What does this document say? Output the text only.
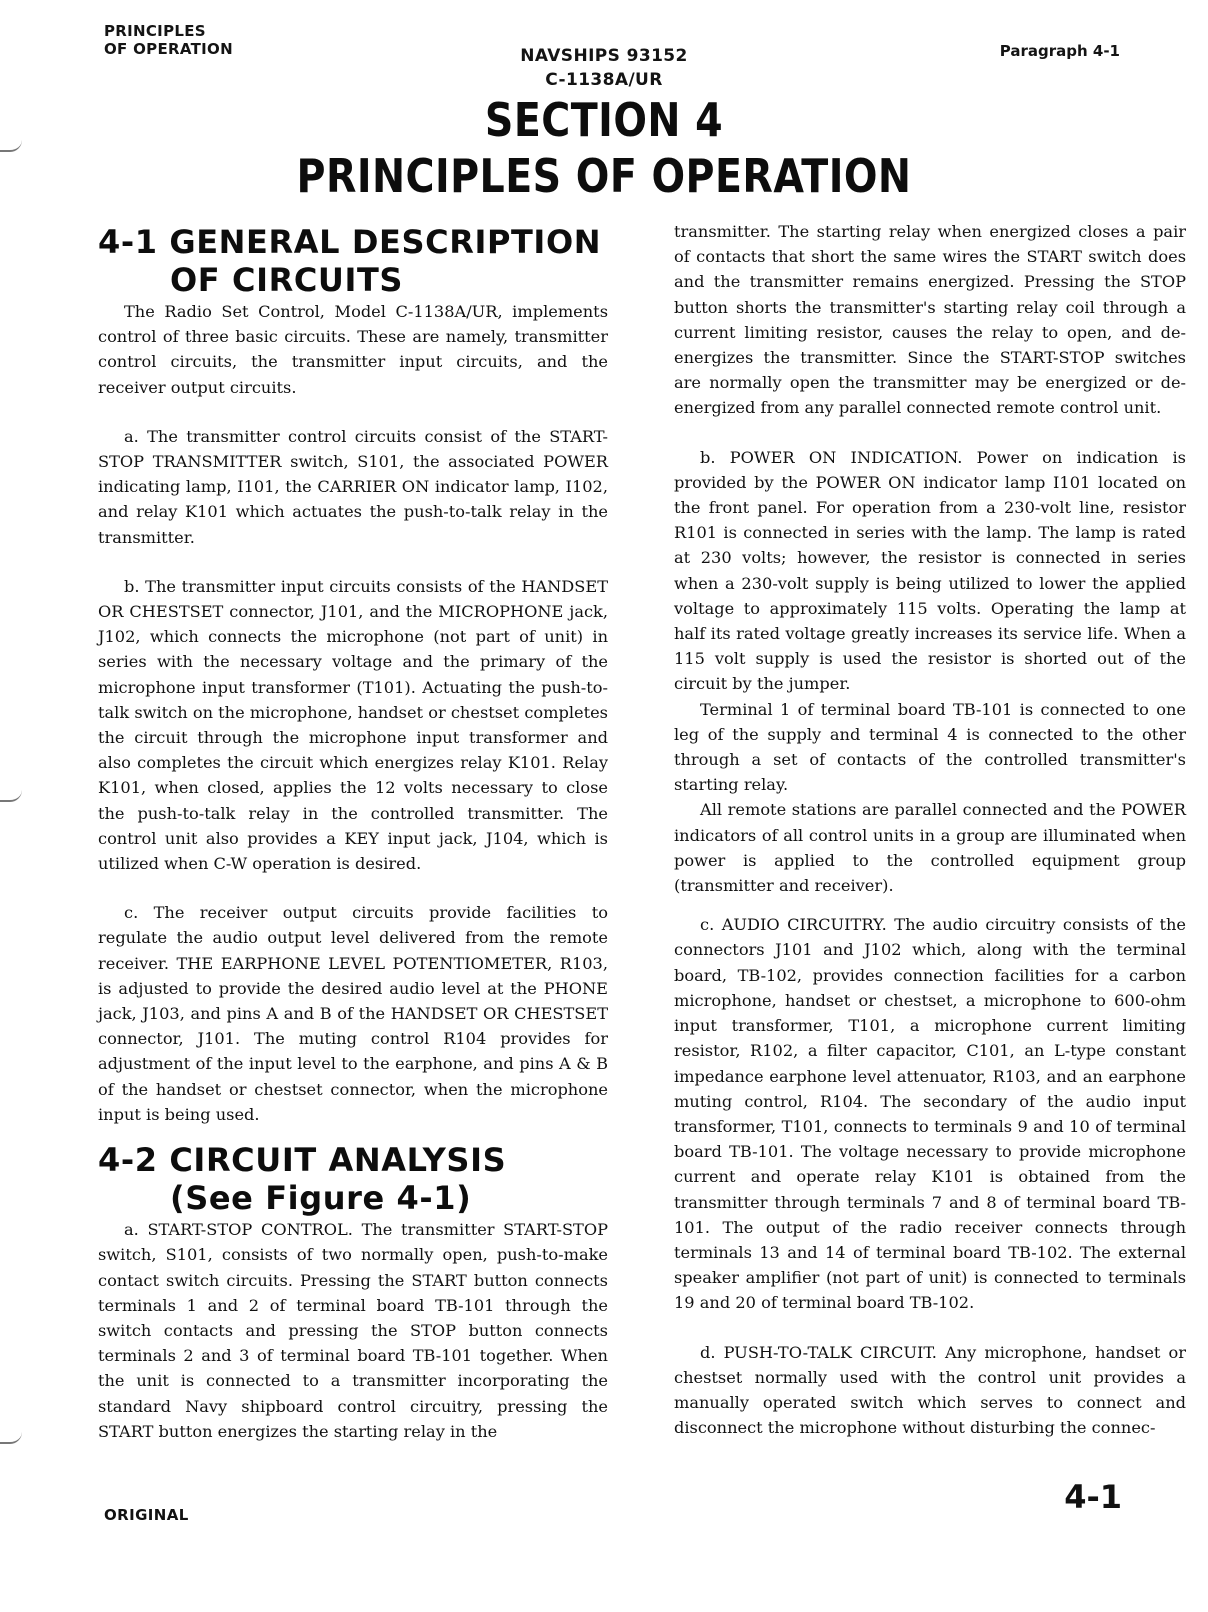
PRINCIPLES
OF OPERATION	NAVSHIPS 93152
C-1138A/UR
Paragraph 4-1
SECTION 4
PRINCIPLES OF OPERATION
4-1 GENERAL DESCRIPTION
OF CIRCUITS

The Radio Set Control, Model C-1138A/UR, implements control of three basic circuits. These are namely, transmitter control circuits, the transmitter input circuits, and the receiver output circuits.

a. The transmitter control circuits consist of the START-STOP TRANSMITTER switch, S101, the associated POWER indicating lamp, I101, the CARRIER ON indicator lamp, I102, and relay K101 which actuates the push-to-talk relay in the transmitter.

b. The transmitter input circuits consists of the HANDSET OR CHESTSET connector, J101, and the MICROPHONE jack, J102, which connects the microphone (not part of unit) in series with the necessary voltage and the primary of the microphone input transformer (T101). Actuating the push-to-talk switch on the microphone, handset or chestset completes the circuit through the microphone input transformer and also completes the circuit which energizes relay K101. Relay K101, when closed, applies the 12 volts necessary to close the push-to-talk relay in the controlled transmitter. The control unit also provides a KEY input jack, J104, which is utilized when C-W operation is desired.

c. The receiver output circuits provide facilities to regulate the audio output level delivered from the remote receiver. THE EARPHONE LEVEL POTENTIOMETER, R103, is adjusted to provide the desired audio level at the PHONE jack, J103, and pins A and B of the HANDSET OR CHESTSET connector, J101. The muting control R104 provides for adjustment of the input level to the earphone, and pins A & B of the handset or chestset connector, when the microphone input is being used.

4-2 CIRCUIT ANALYSIS
(See Figure 4-1)

a. START-STOP CONTROL. The transmitter START-STOP switch, S101, consists of two normally open, push-to-make contact switch circuits. Pressing the START button connects terminals 1 and 2 of terminal board TB-101 through the switch contacts and pressing the STOP button connects terminals 2 and 3 of terminal board TB-101 together. When the unit is connected to a transmitter incorporating the standard Navy shipboard control circuitry, pressing the START button energizes the starting relay in the

transmitter. The starting relay when energized closes a pair of contacts that short the same wires the START switch does and the transmitter remains energized. Pressing the STOP button shorts the transmitter's starting relay coil through a current limiting resistor, causes the relay to open, and de-energizes the transmitter. Since the START-STOP switches are normally open the transmitter may be energized or de-energized from any parallel connected remote control unit.

b. POWER ON INDICATION. Power on indication is provided by the POWER ON indicator lamp I101 located on the front panel. For operation from a 230-volt line, resistor R101 is connected in series with the lamp. The lamp is rated at 230 volts; however, the resistor is connected in series when a 230-volt supply is being utilized to lower the applied voltage to approximately 115 volts. Operating the lamp at half its rated voltage greatly increases its service life. When a 115 volt supply is used the resistor is shorted out of the circuit by the jumper.

Terminal 1 of terminal board TB-101 is connected to one leg of the supply and terminal 4 is connected to the other through a set of contacts of the controlled transmitter's starting relay.

All remote stations are parallel connected and the POWER indicators of all control units in a group are illuminated when power is applied to the controlled equipment group (transmitter and receiver).

c. AUDIO CIRCUITRY. The audio circuitry consists of the connectors J101 and J102 which, along with the terminal board, TB-102, provides connection facilities for a carbon microphone, handset or chestset, a microphone to 600-ohm input transformer, T101, a microphone current limiting resistor, R102, a filter capacitor, C101, an L-type constant impedance earphone level attenuator, R103, and an earphone muting control, R104. The secondary of the audio input transformer, T101, connects to terminals 9 and 10 of terminal board TB-101. The voltage necessary to provide microphone current and operate relay K101 is obtained from the transmitter through terminals 7 and 8 of terminal board TB-101. The output of the radio receiver connects through terminals 13 and 14 of terminal board TB-102. The external speaker amplifier (not part of unit) is connected to terminals 19 and 20 of terminal board TB-102.

d. PUSH-TO-TALK CIRCUIT. Any microphone, handset or chestset normally used with the control unit provides a manually operated switch which serves to connect and disconnect the microphone without disturbing the connec-

ORIGINAL	4-1
